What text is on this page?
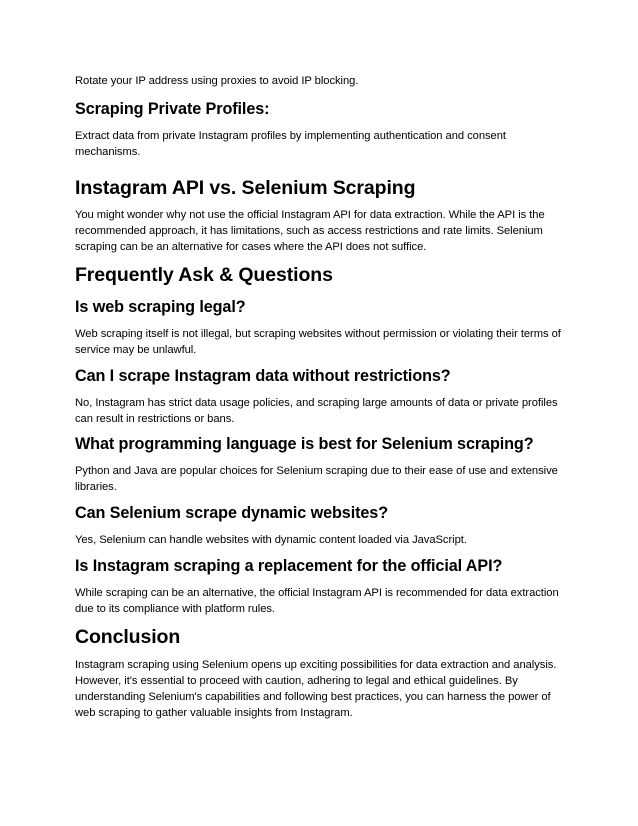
Rotate your IP address using proxies to avoid IP blocking.

Scraping Private Profiles:

Extract data from private Instagram profiles by implementing authentication and consent mechanisms.

Instagram API vs. Selenium Scraping

You might wonder why not use the official Instagram API for data extraction. While the API is the recommended approach, it has limitations, such as access restrictions and rate limits. Selenium scraping can be an alternative for cases where the API does not suffice.

Frequently Ask & Questions
Is web scraping legal?

Web scraping itself is not illegal, but scraping websites without permission or violating their terms of service may be unlawful.

Can I scrape Instagram data without restrictions?

No, Instagram has strict data usage policies, and scraping large amounts of data or private profiles can result in restrictions or bans.

What programming language is best for Selenium scraping?

Python and Java are popular choices for Selenium scraping due to their ease of use and extensive libraries.

Can Selenium scrape dynamic websites?

Yes, Selenium can handle websites with dynamic content loaded via JavaScript.

Is Instagram scraping a replacement for the official API?

While scraping can be an alternative, the official Instagram API is recommended for data extraction due to its compliance with platform rules.

Conclusion

Instagram scraping using Selenium opens up exciting possibilities for data extraction and analysis. However, it's essential to proceed with caution, adhering to legal and ethical guidelines. By understanding Selenium's capabilities and following best practices, you can harness the power of web scraping to gather valuable insights from Instagram.
